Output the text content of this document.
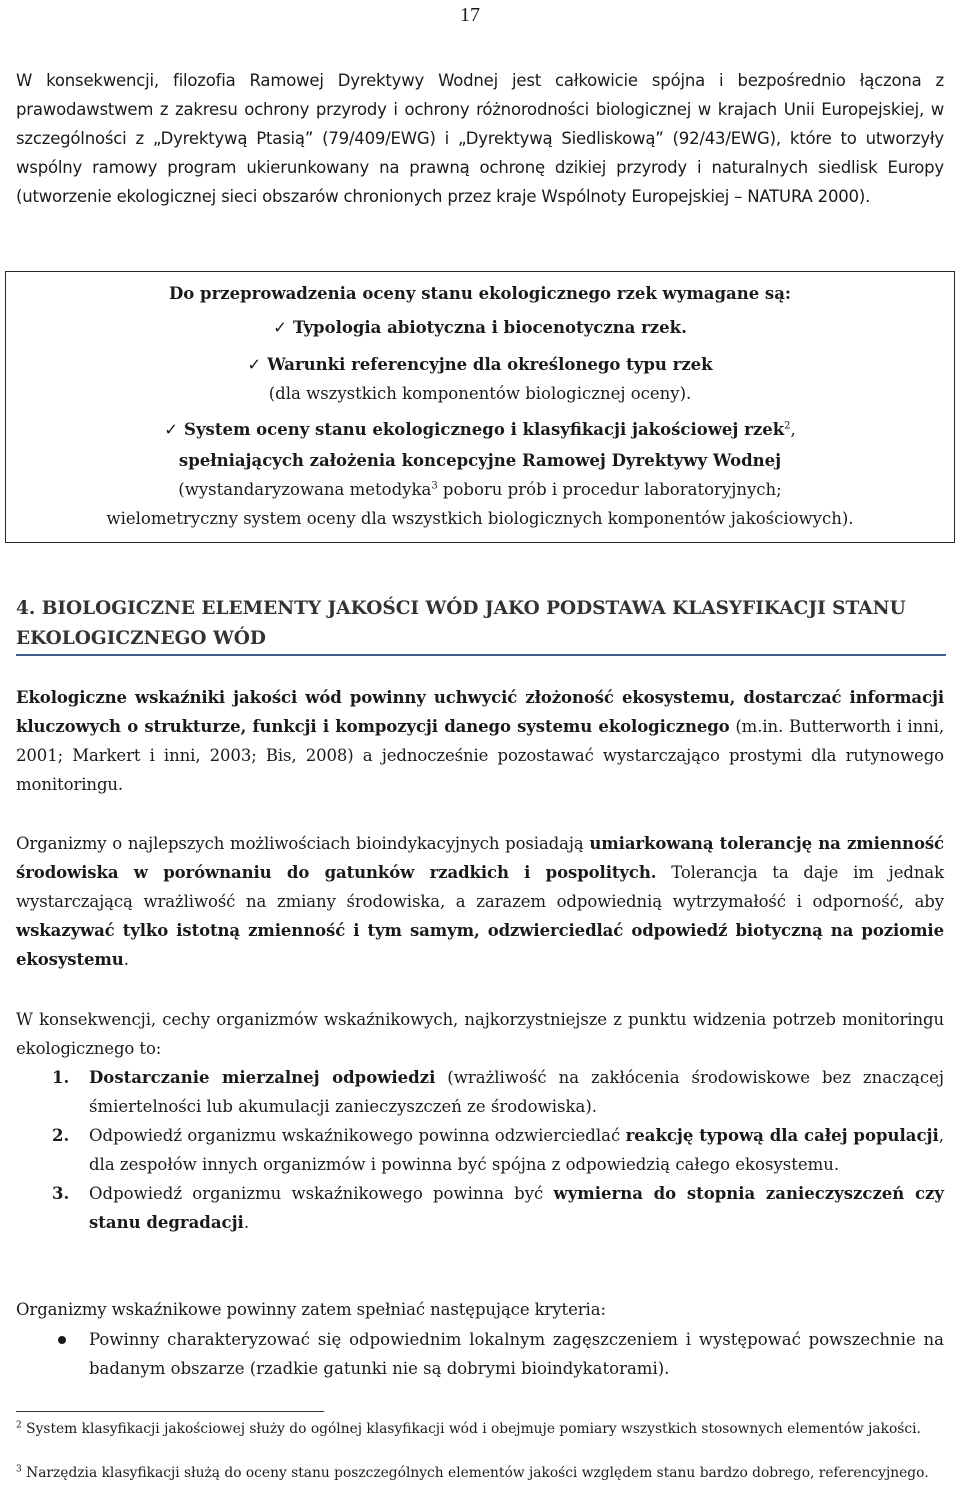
17

W konsekwencji, filozofia Ramowej Dyrektywy Wodnej jest całkowicie spójna i bezpośrednio łączona z prawodawstwem z zakresu ochrony przyrody i ochrony różnorodności biologicznej w krajach Unii Europejskiej, w szczególności z „Dyrektywą Ptasią” (79/409/EWG) i „Dyrektywą Siedliskową” (92/43/EWG), które to utworzyły wspólny ramowy program ukierunkowany na prawną ochronę dzikiej przyrody i naturalnych siedlisk Europy (utworzenie ekologicznej sieci obszarów chronionych przez kraje Wspólnoty Europejskiej – NATURA 2000).

Do przeprowadzenia oceny stanu ekologicznego rzek wymagane są:
✓ Typologia abiotyczna i biocenotyczna rzek.
✓ Warunki referencyjne dla określonego typu rzek
(dla wszystkich komponentów biologicznej oceny).
✓ System oceny stanu ekologicznego i klasyfikacji jakościowej rzek$^2$,
spełniających założenia koncepcyjne Ramowej Dyrektywy Wodnej
(wystandaryzowana metodyka$^3$ poboru prób i procedur laboratoryjnych;
wielometryczny system oceny dla wszystkich biologicznych komponentów jakościowych).
4. BIOLOGICZNE ELEMENTY JAKOŚCI WÓD JAKO PODSTAWA KLASYFIKACJI STANU
EKOLOGICZNEGO WÓD

Ekologiczne wskaźniki jakości wód powinny uchwycić złożoność ekosystemu, dostarczać informacji kluczowych o strukturze, funkcji i kompozycji danego systemu ekologicznego (m.in. Butterworth i inni, 2001; Markert i inni, 2003; Bis, 2008) a jednocześnie pozostawać wystarczająco prostymi dla rutynowego monitoringu.

Organizmy o najlepszych możliwościach bioindykacyjnych posiadają umiarkowaną tolerancję na zmienność środowiska w porównaniu do gatunków rzadkich i pospolitych. Tolerancja ta daje im jednak wystarczającą wrażliwość na zmiany środowiska, a zarazem odpowiednią wytrzymałość i odporność, aby wskazywać tylko istotną zmienność i tym samym, odzwierciedlać odpowiedź biotyczną na poziomie ekosystemu.

W konsekwencji, cechy organizmów wskaźnikowych, najkorzystniejsze z punktu widzenia potrzeb monitoringu ekologicznego to:

1. Dostarczanie mierzalnej odpowiedzi (wrażliwość na zakłócenia środowiskowe bez znaczącej śmiertelności lub akumulacji zanieczyszczeń ze środowiska).

2. Odpowiedź organizmu wskaźnikowego powinna odzwierciedlać reakcję typową dla całej populacji, dla zespołów innych organizmów i powinna być spójna z odpowiedzią całego ekosystemu.

3. Odpowiedź organizmu wskaźnikowego powinna być wymierna do stopnia zanieczyszczeń czy stanu degradacji.

Organizmy wskaźnikowe powinny zatem spełniać następujące kryteria:

Powinny charakteryzować się odpowiednim lokalnym zagęszczeniem i występować powszechnie na badanym obszarze (rzadkie gatunki nie są dobrymi bioindykatorami).

$^2$ System klasyfikacji jakościowej służy do ogólnej klasyfikacji wód i obejmuje pomiary wszystkich stosownych elementów jakości.

$^3$ Narzędzia klasyfikacji służą do oceny stanu poszczególnych elementów jakości względem stanu bardzo dobrego, referencyjnego.
